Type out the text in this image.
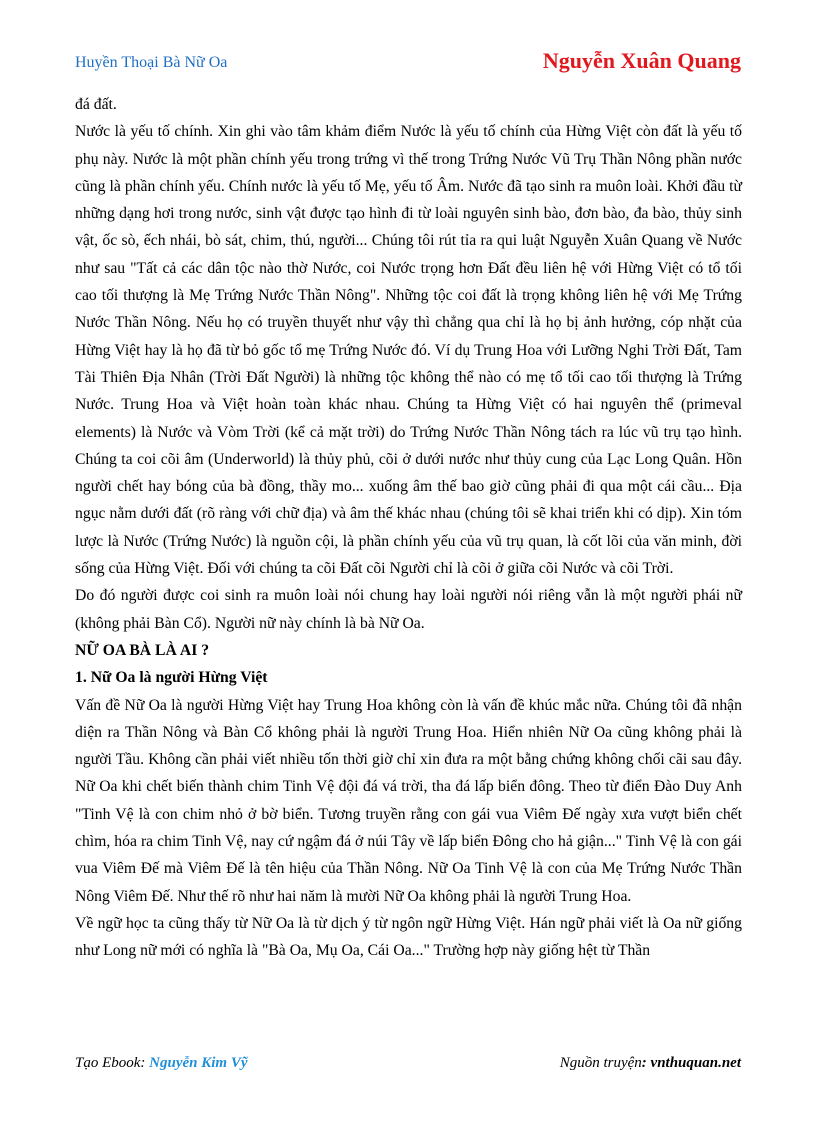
Huyền Thoại Bà Nữ Oa	Nguyễn Xuân Quang

đá đất.

Nước là yếu tố chính. Xin ghi vào tâm khảm điểm Nước là yếu tố chính của Hừng Việt còn đất là yếu tố phụ này. Nước là một phần chính yếu trong trứng vì thế trong Trứng Nước Vũ Trụ Thần Nông phần nước cũng là phần chính yếu. Chính nước là yếu tố Mẹ, yếu tố Âm. Nước đã tạo sinh ra muôn loài. Khởi đầu từ những dạng hơi trong nước, sinh vật được tạo hình đi từ loài nguyên sinh bào, đơn bào, đa bào, thủy sinh vật, ốc sò, ếch nhái, bò sát, chim, thú, người... Chúng tôi rút tỉa ra qui luật Nguyễn Xuân Quang về Nước như sau "Tất cả các dân tộc nào thờ Nước, coi Nước trọng hơn Đất đều liên hệ với Hừng Việt có tổ tối cao tối thượng là Mẹ Trứng Nước Thần Nông". Những tộc coi đất là trọng không liên hệ với Mẹ Trứng Nước Thần Nông. Nếu họ có truyền thuyết như vậy thì chẳng qua chỉ là họ bị ảnh hưởng, cóp nhặt của Hừng Việt hay là họ đã từ bỏ gốc tổ mẹ Trứng Nước đó. Ví dụ Trung Hoa với Lưỡng Nghi Trời Đất, Tam Tài Thiên Địa Nhân (Trời Đất Người) là những tộc không thể nào có mẹ tổ tối cao tối thượng là Trứng Nước. Trung Hoa và Việt hoàn toàn khác nhau. Chúng ta Hừng Việt có hai nguyên thể (primeval elements) là Nước và Vòm Trời (kể cả mặt trời) do Trứng Nước Thần Nông tách ra lúc vũ trụ tạo hình. Chúng ta coi cõi âm (Underworld) là thủy phủ, cõi ở dưới nước như thủy cung của Lạc Long Quân. Hồn người chết hay bóng của bà đồng, thầy mo... xuống âm thế bao giờ cũng phải đi qua một cái cầu... Địa ngục nằm dưới đất (rõ ràng với chữ địa) và âm thế khác nhau (chúng tôi sẽ khai triển khi có dịp). Xin tóm lược là Nước (Trứng Nước) là nguồn cội, là phần chính yếu của vũ trụ quan, là cốt lõi của văn minh, đời sống của Hừng Việt. Đối với chúng ta cõi Đất cõi Người chỉ là cõi ở giữa cõi Nước và cõi Trời.

Do đó người được coi sinh ra muôn loài nói chung hay loài người nói riêng vẫn là một người phái nữ (không phải Bàn Cổ). Người nữ này chính là bà Nữ Oa.

NỮ OA BÀ LÀ AI ?

1. Nữ Oa là người Hừng Việt

Vấn đề Nữ Oa là người Hừng Việt hay Trung Hoa không còn là vấn đề khúc mắc nữa. Chúng tôi đã nhận diện ra Thần Nông và Bàn Cổ không phải là người Trung Hoa. Hiển nhiên Nữ Oa cũng không phải là người Tầu. Không cần phải viết nhiều tốn thời giờ chỉ xin đưa ra một bằng chứng không chối cãi sau đây. Nữ Oa khi chết biến thành chim Tinh Vệ đội đá vá trời, tha đá lấp biển đông. Theo từ điển Đào Duy Anh "Tinh Vệ là con chim nhỏ ở bờ biển. Tương truyền rằng con gái vua Viêm Đế ngày xưa vượt biển chết chìm, hóa ra chim Tinh Vệ, nay cứ ngậm đá ở núi Tây về lấp biển Đông cho hả giận..." Tinh Vệ là con gái vua Viêm Đế mà Viêm Đế là tên hiệu của Thần Nông. Nữ Oa Tinh Vệ là con của Mẹ Trứng Nước Thần Nông Viêm Đế. Như thế rõ như hai năm là mười Nữ Oa không phải là người Trung Hoa.

Về ngữ học ta cũng thấy từ Nữ Oa là từ dịch ý từ ngôn ngữ Hừng Việt. Hán ngữ phải viết là Oa nữ giống như Long nữ mới có nghĩa là "Bà Oa, Mụ Oa, Cái Oa..." Trường hợp này giống hệt từ Thần

Tạo Ebook: Nguyễn Kim Vỹ	Nguồn truyện: vnthuquan.net
